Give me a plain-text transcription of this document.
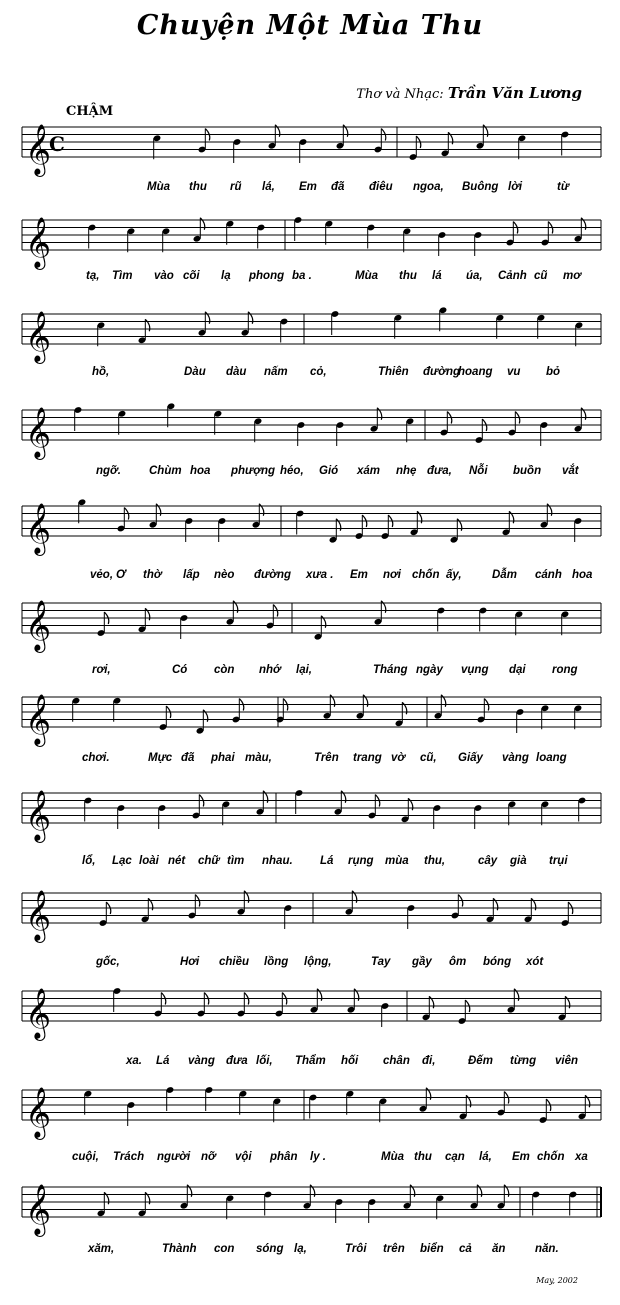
Chuyện Một Mùa Thu
Thơ và Nhạc: Trần Văn Lương
CHẬM
May, 2002
𝄞
𝄞
𝄞
𝄞
𝄞
𝄞
𝄞
𝄞
𝄞
𝄞
𝄞
𝄞
C
Mùa thu rũ lá, Em đã điêu ngoa, Buông lời	từ
tạ, Tìm vào cõi lạ phong ba .	Mùa thu lá úa, Cảnh cũ mơ
hồ,	Dàu dàu nấm cỏ,	Thiên đường
hoang vu bỏ
ngỡ. Chùm hoa phượng héo, Gió xám nhẹ đưa, Nỗi buồn vắt
vẻo, Ơ thờ lấp nèo đường xưa . Em nơi chốn ấy,	Dẫm cánh hoa
rơi,	Có còn nhớ lại,	Tháng ngày vụng dại rong
chơi.	Mực đã phai màu,	Trên trang vờ cũ, Giấy vàng loang
lổ, Lạc loài nét chữ tìm nhau. Lá rụng mùa thu,	cây già trụi
gốc,	Hơi chiều lồng lộng,	Tay gầy ôm bóng xót
xa. Lá vàng đưa lối, Thẩm hối chân đi,	Đếm từng viên
cuội, Trách người nỡ vội phân ly .	Mùa thu cạn lá, Em chốn xa
xăm,	Thành con sóng lạ,	Trôi trên biển cả ăn	năn.
